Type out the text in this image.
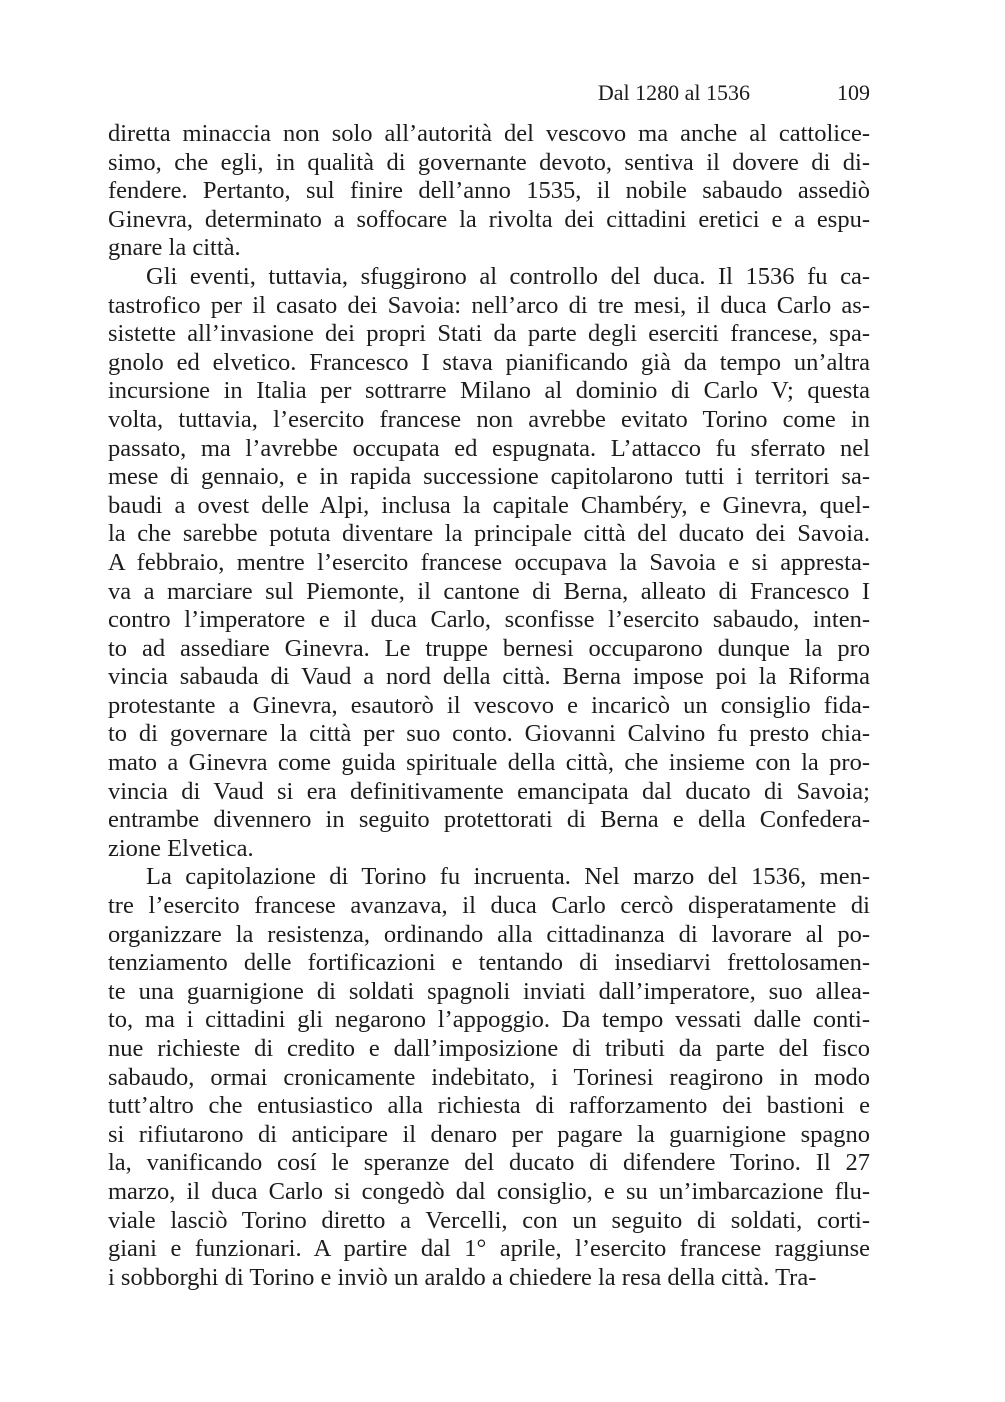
Dal 1280 al 1536	109
diretta minaccia non solo all’autorità del vescovo ma anche al cattolice-
simo, che egli, in qualità di governante devoto, sentiva il dovere di di-
fendere. Pertanto, sul finire dell’anno 1535, il nobile sabaudo assediò
Ginevra, determinato a soffocare la rivolta dei cittadini eretici e a espu-
gnare la città.
Gli eventi, tuttavia, sfuggirono al controllo del duca. Il 1536 fu ca-
tastrofico per il casato dei Savoia: nell’arco di tre mesi, il duca Carlo as-
sistette all’invasione dei propri Stati da parte degli eserciti francese, spa-
gnolo ed elvetico. Francesco I stava pianificando già da tempo un’altra
incursione in Italia per sottrarre Milano al dominio di Carlo V; questa
volta, tuttavia, l’esercito francese non avrebbe evitato Torino come in
passato, ma l’avrebbe occupata ed espugnata. L’attacco fu sferrato nel
mese di gennaio, e in rapida successione capitolarono tutti i territori sa-
baudi a ovest delle Alpi, inclusa la capitale Chambéry, e Ginevra, quel-
la che sarebbe potuta diventare la principale città del ducato dei Savoia.
A febbraio, mentre l’esercito francese occupava la Savoia e si appresta-
va a marciare sul Piemonte, il cantone di Berna, alleato di Francesco I
contro l’imperatore e il duca Carlo, sconfisse l’esercito sabaudo, inten-
to ad assediare Ginevra. Le truppe bernesi occuparono dunque la pro
vincia sabauda di Vaud a nord della città. Berna impose poi la Riforma
protestante a Ginevra, esautorò il vescovo e incaricò un consiglio fida-
to di governare la città per suo conto. Giovanni Calvino fu presto chia-
mato a Ginevra come guida spirituale della città, che insieme con la pro-
vincia di Vaud si era definitivamente emancipata dal ducato di Savoia;
entrambe divennero in seguito protettorati di Berna e della Confedera-
zione Elvetica.
La capitolazione di Torino fu incruenta. Nel marzo del 1536, men-
tre l’esercito francese avanzava, il duca Carlo cercò disperatamente di
organizzare la resistenza, ordinando alla cittadinanza di lavorare al po-
tenziamento delle fortificazioni e tentando di insediarvi frettolosamen-
te una guarnigione di soldati spagnoli inviati dall’imperatore, suo allea-
to, ma i cittadini gli negarono l’appoggio. Da tempo vessati dalle conti-
nue richieste di credito e dall’imposizione di tributi da parte del fisco
sabaudo, ormai cronicamente indebitato, i Torinesi reagirono in modo
tutt’altro che entusiastico alla richiesta di rafforzamento dei bastioni e
si rifiutarono di anticipare il denaro per pagare la guarnigione spagno
la, vanificando cosí le speranze del ducato di difendere Torino. Il 27
marzo, il duca Carlo si congedò dal consiglio, e su un’imbarcazione flu-
viale lasciò Torino diretto a Vercelli, con un seguito di soldati, corti-
giani e funzionari. A partire dal 1° aprile, l’esercito francese raggiunse
i sobborghi di Torino e inviò un araldo a chiedere la resa della città. Tra-
